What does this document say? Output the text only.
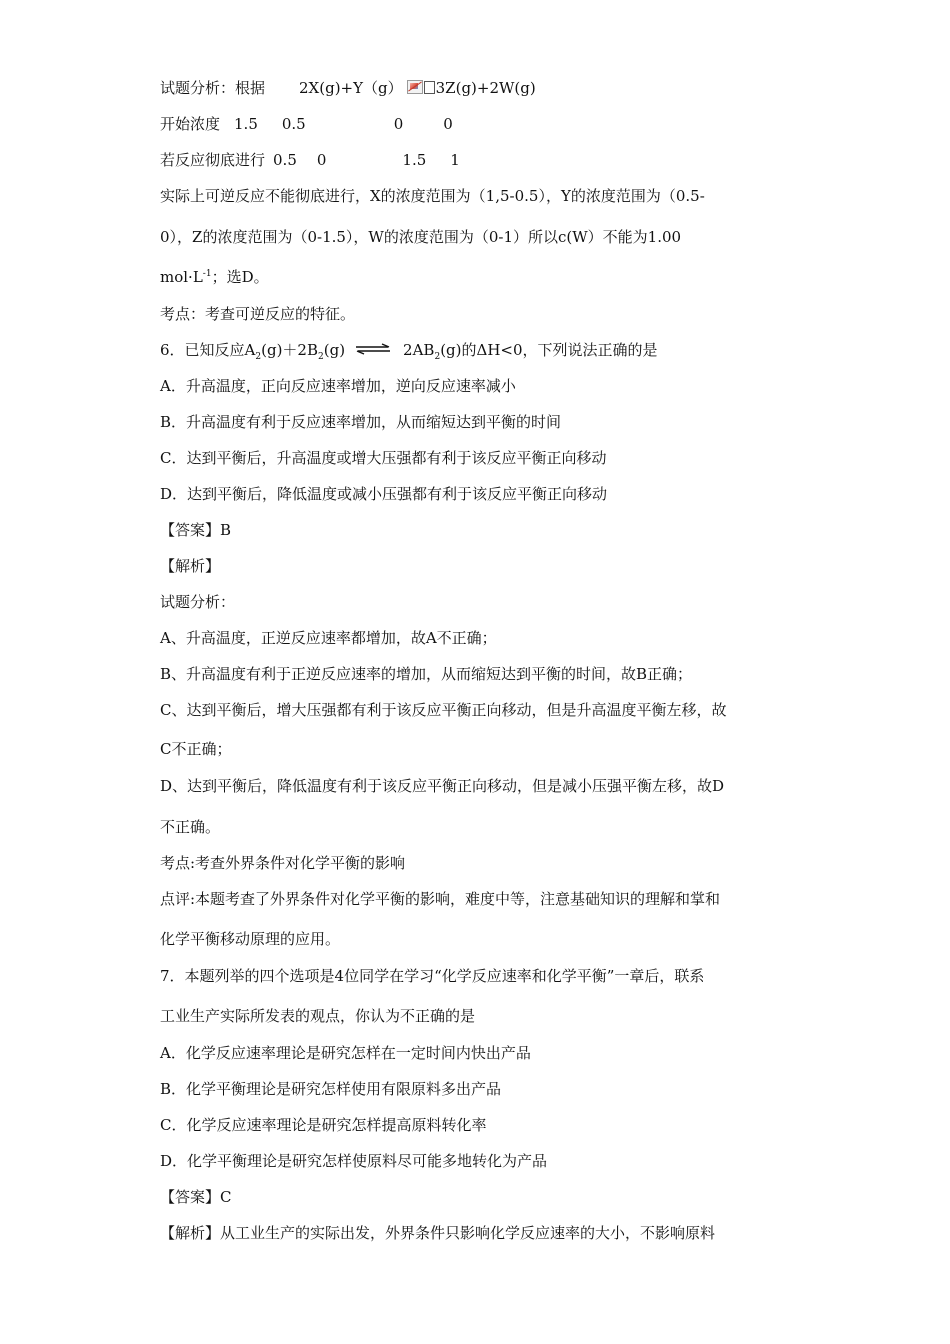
试题分析：根据 2X(g)+Y（g） 3Z(g)+2W(g)
开始浓度 1.5 0.5	0	0
若反应彻底进行 0.5 0	1.5 1
实际上可逆反应不能彻底进行，X的浓度范围为（1,5-0.5），Y的浓度范围为（0.5-
0），Z的浓度范围为（0-1.5），W的浓度范围为（0-1）所以c(W）不能为1.00
$mol\cdot L^{-1}$；选D。
考点：考查可逆反应的特征。
6．已知反应$A_2(g)+2B_2(g)$ ⇌ $2AB_2(g)$的ΔH<0，下列说法正确的是
A．升高温度，正向反应速率增加，逆向反应速率减小
B．升高温度有利于反应速率增加，从而缩短达到平衡的时间
C．达到平衡后，升高温度或增大压强都有利于该反应平衡正向移动
D．达到平衡后，降低温度或减小压强都有利于该反应平衡正向移动
【答案】B
【解析】
试题分析：
A、升高温度，正逆反应速率都增加，故A不正确；
B、升高温度有利于正逆反应速率的增加，从而缩短达到平衡的时间，故B正确；
C、达到平衡后，增大压强都有利于该反应平衡正向移动，但是升高温度平衡左移，故
C不正确；
D、达到平衡后，降低温度有利于该反应平衡正向移动，但是减小压强平衡左移，故D
不正确。
考点:考查外界条件对化学平衡的影响
点评:本题考查了外界条件对化学平衡的影响，难度中等，注意基础知识的理解和掌和
化学平衡移动原理的应用。
7．本题列举的四个选项是4位同学在学习“化学反应速率和化学平衡”一章后，联系
工业生产实际所发表的观点，你认为不正确的是
A．化学反应速率理论是研究怎样在一定时间内快出产品
B．化学平衡理论是研究怎样使用有限原料多出产品
C．化学反应速率理论是研究怎样提高原料转化率
D．化学平衡理论是研究怎样使原料尽可能多地转化为产品
【答案】C
【解析】从工业生产的实际出发，外界条件只影响化学反应速率的大小，不影响原料
